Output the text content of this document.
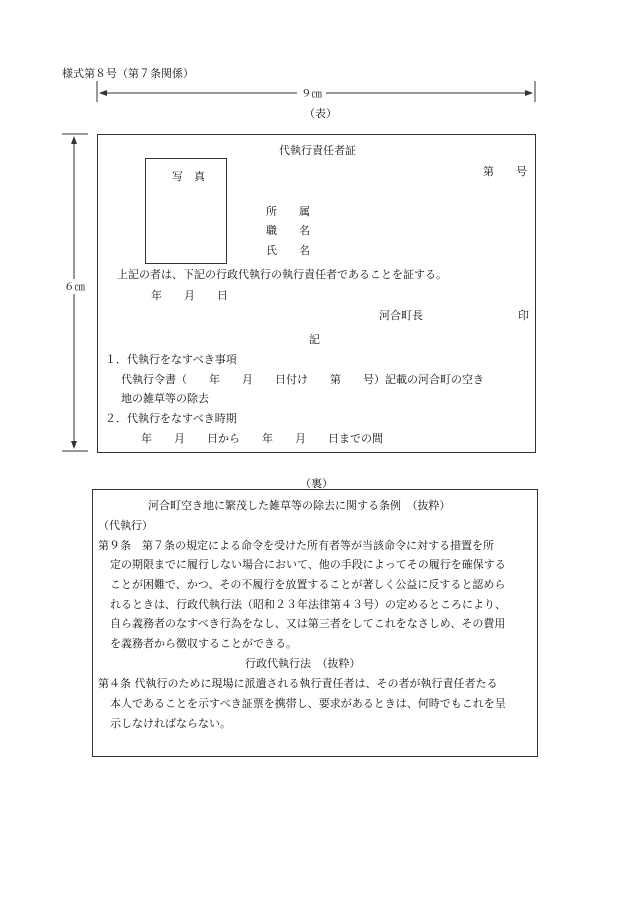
様式第８号（第７条関係）
９㎝
６㎝
（表）
代執行責任者証
第　　号
写　真
所　　属
職　　名
氏　　名
上記の者は、下記の行政代執行の執行責任者であることを証する。
年　　月　　日
河合町長	印
記
１．代執行をなすべき事項
代執行令書（　　年　　月　　日付け　　第　　号）記載の河合町の空き
地の雑草等の除去
２．代執行をなすべき時期
年　　月　　日から　　年　　月　　日までの間
（裏）
河合町空き地に繁茂した雑草等の除去に関する条例　（抜粋）
（代執行）
第９条　第７条の規定による命令を受けた所有者等が当該命令に対する措置を所
定の期限までに履行しない場合において、他の手段によってその履行を確保する
ことが困難で、かつ、その不履行を放置することが著しく公益に反すると認めら
れるときは、行政代執行法（昭和２３年法律第４３号）の定めるところにより、
自ら義務者のなすべき行為をなし、又は第三者をしてこれをなさしめ、その費用
を義務者から徴収することができる。
行政代執行法　（抜粋）
第４条 代執行のために現場に派遣される執行責任者は、その者が執行責任者たる
本人であることを示すべき証票を携帯し、要求があるときは、何時でもこれを呈
示しなければならない。
